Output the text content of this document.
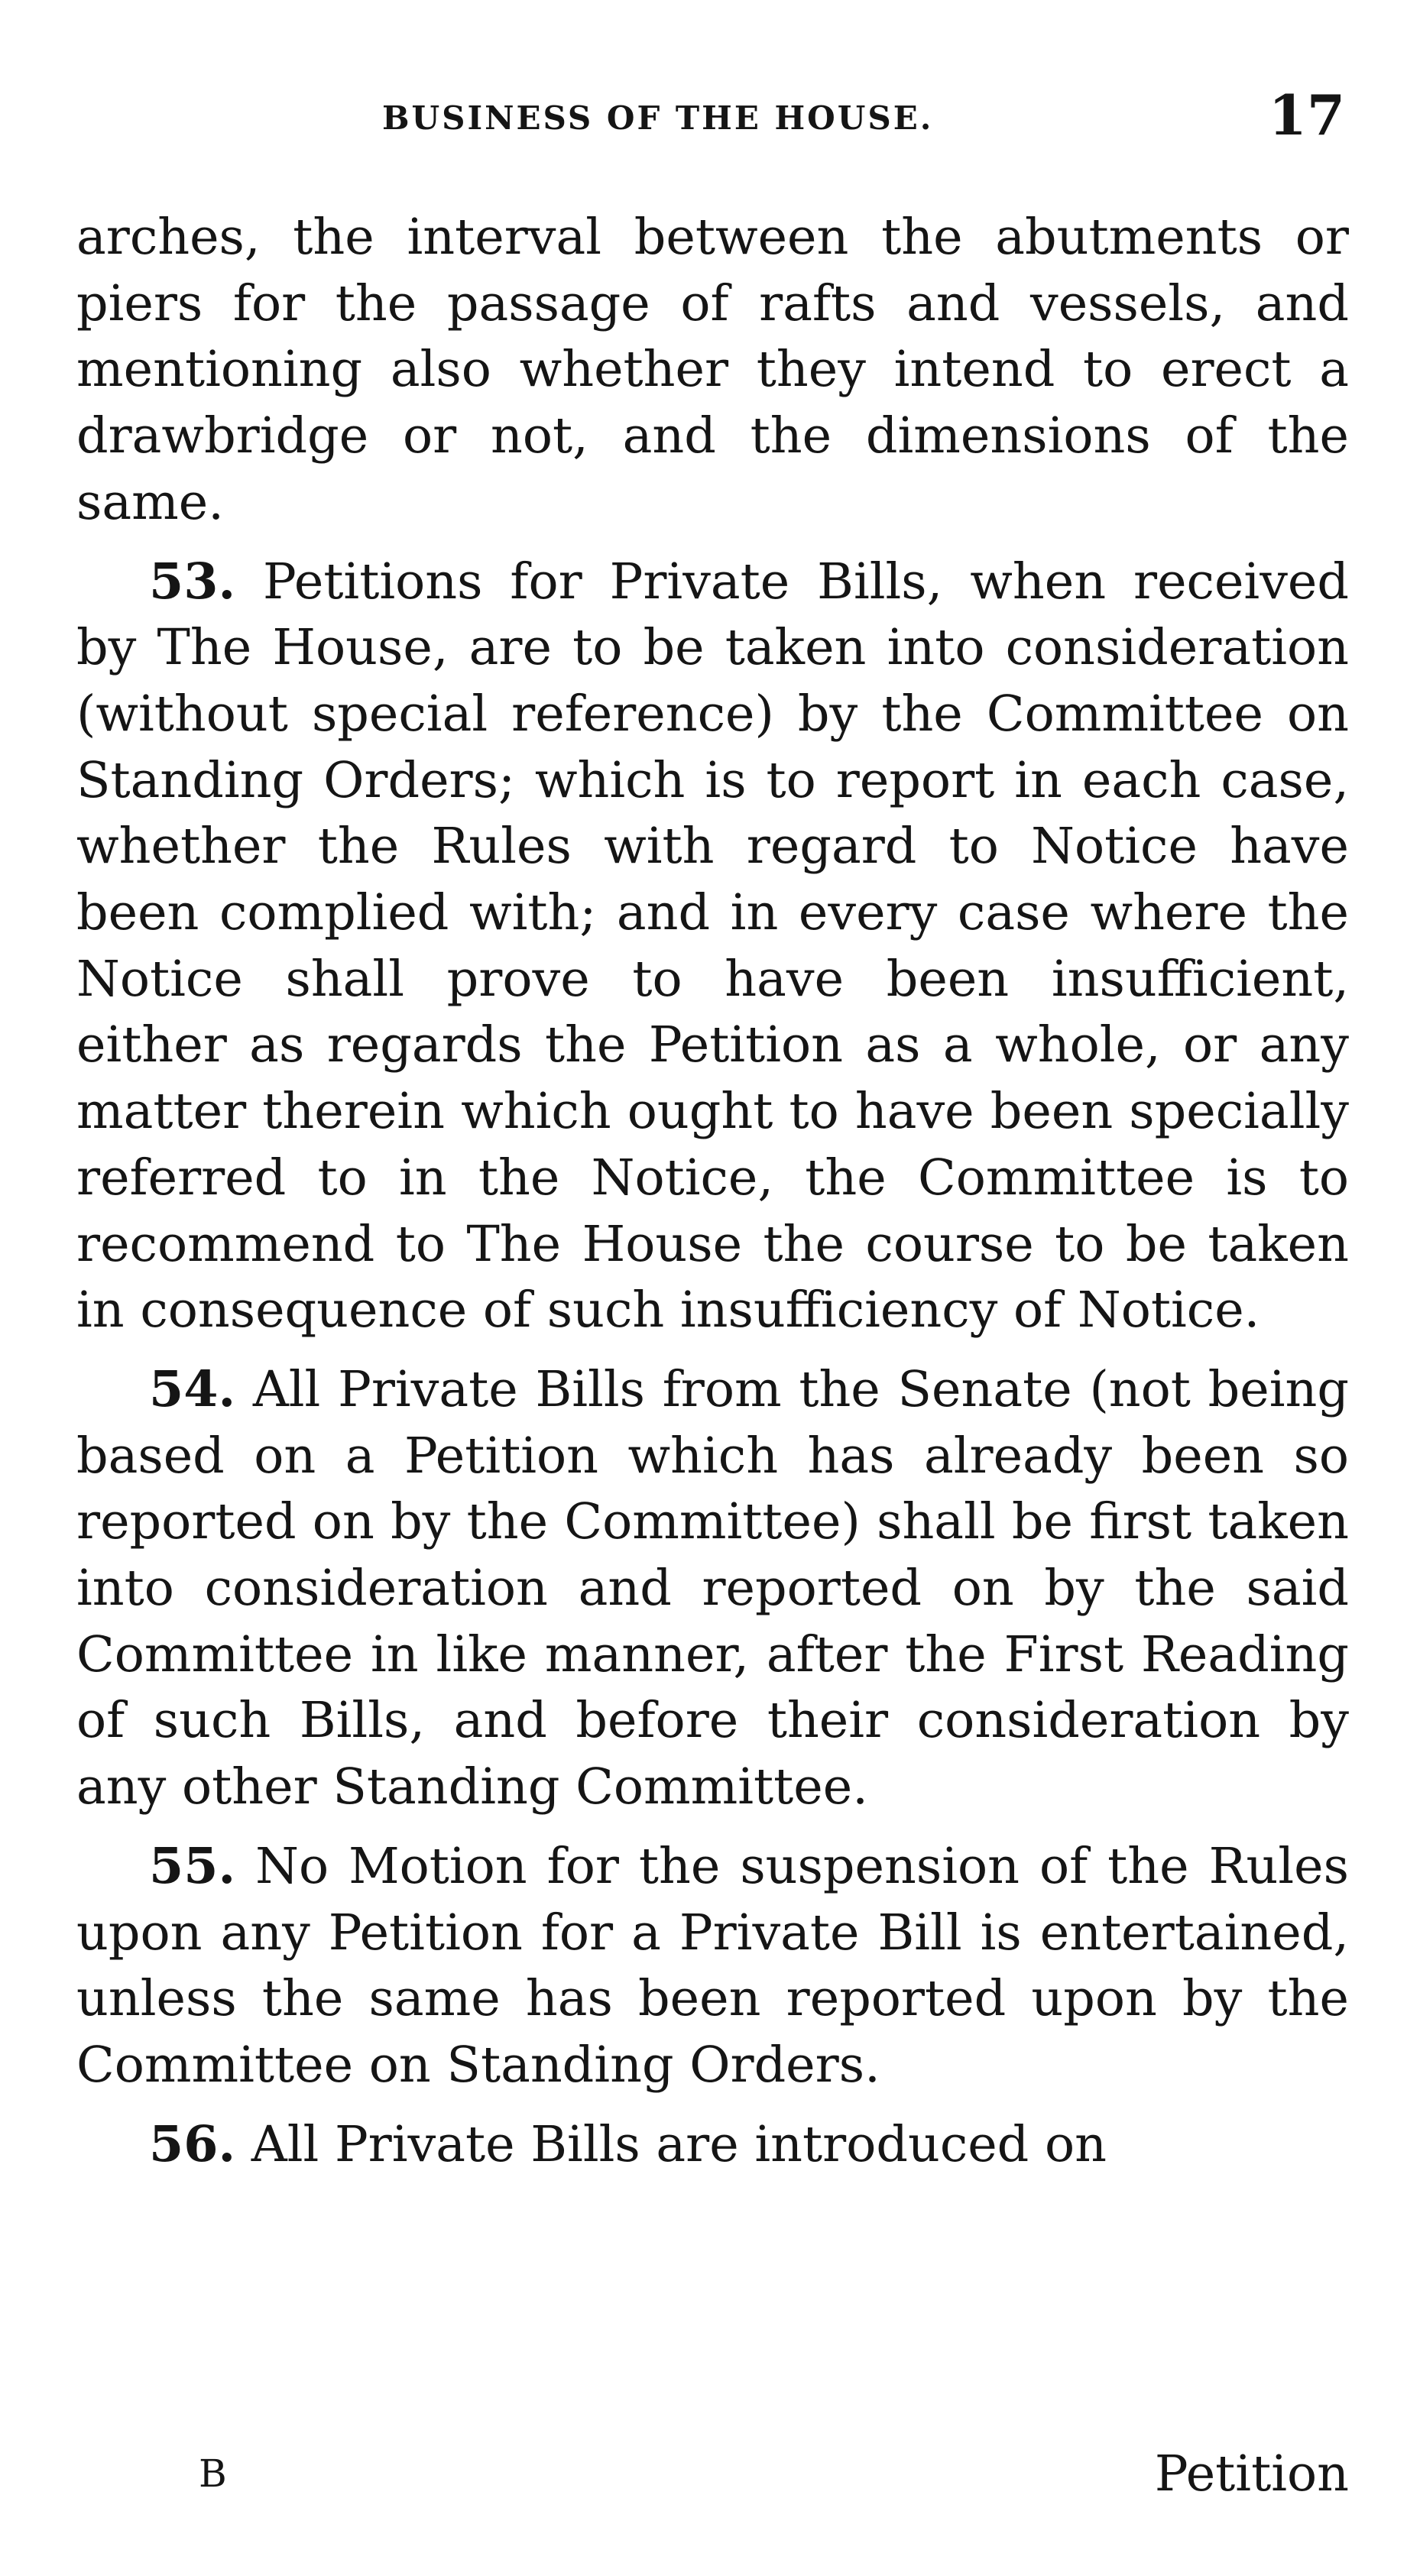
BUSINESS OF THE HOUSE.	17

arches, the interval between the abutments or piers for the passage of rafts and vessels, and mentioning also whether they intend to erect a drawbridge or not, and the dimensions of the same.

53. Petitions for Private Bills, when received by The House, are to be taken into consideration (without special reference) by the Committee on Standing Orders; which is to report in each case, whether the Rules with regard to Notice have been complied with; and in every case where the Notice shall prove to have been insufficient, either as regards the Petition as a whole, or any matter therein which ought to have been specially referred to in the Notice, the Committee is to recommend to The House the course to be taken in consequence of such insufficiency of Notice.

54. All Private Bills from the Senate (not being based on a Petition which has already been so reported on by the Committee) shall be first taken into consideration and reported on by the said Committee in like manner, after the First Reading of such Bills, and before their consideration by any other Standing Committee.

55. No Motion for the suspension of the Rules upon any Petition for a Private Bill is entertained, unless the same has been reported upon by the Committee on Standing Orders.

56. All Private Bills are introduced on

B	Petition
